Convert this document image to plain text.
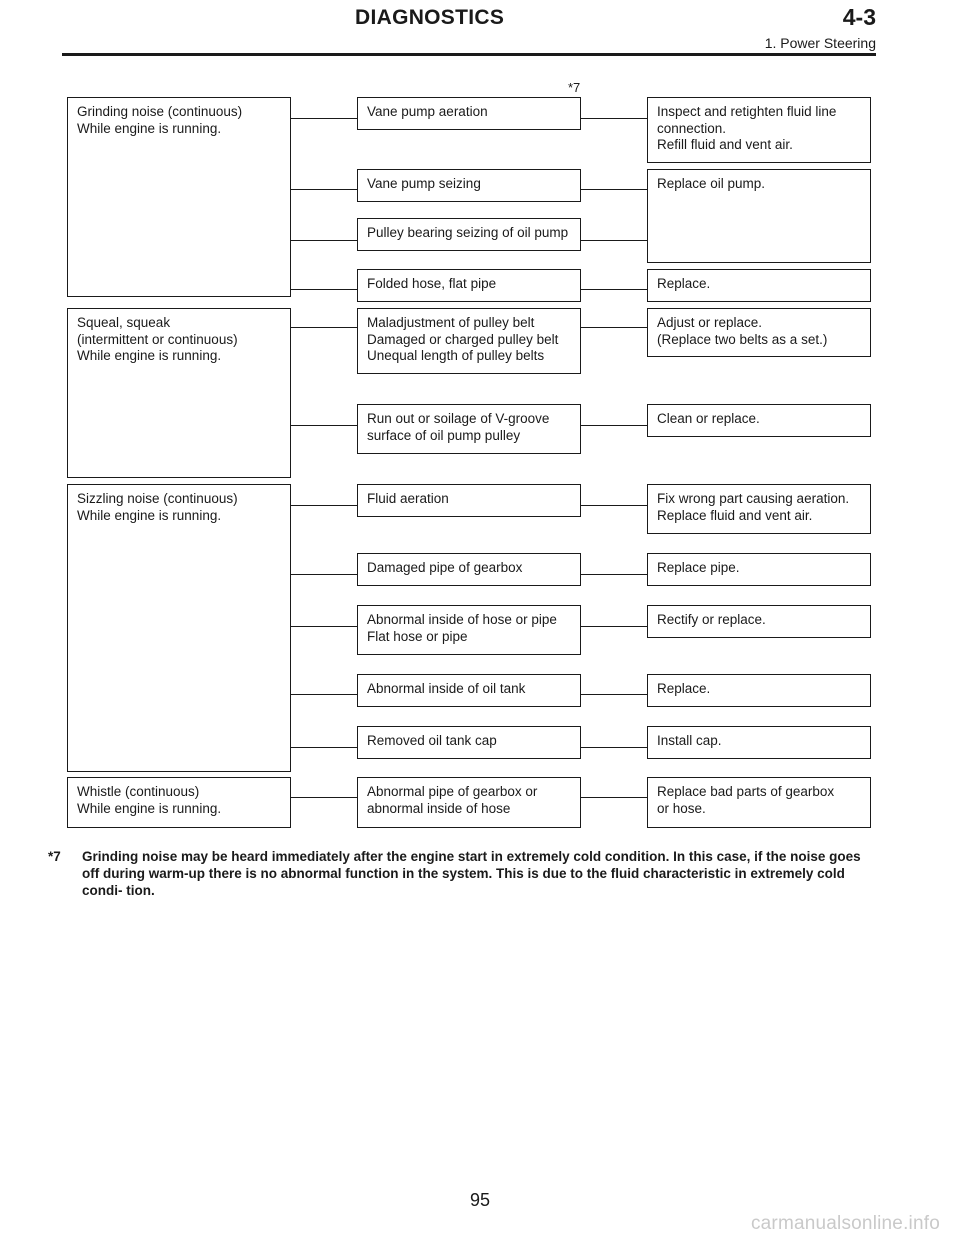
DIAGNOSTICS	4-3
1. Power Steering
*7
Grinding noise (continuous)
While engine is running.
Squeal, squeak
(intermittent or continuous)
While engine is running.
Sizzling noise (continuous)
While engine is running.
Whistle (continuous)
While engine is running.
Vane pump aeration
Vane pump seizing
Pulley bearing seizing of oil pump
Folded hose, flat pipe
Maladjustment of pulley belt
Damaged or charged pulley belt
Unequal length of pulley belts
Run out or soilage of V-groove
surface of oil pump pulley
Fluid aeration
Damaged pipe of gearbox
Abnormal inside of hose or pipe
Flat hose or pipe
Abnormal inside of oil tank
Removed oil tank cap
Abnormal pipe of gearbox or
abnormal inside of hose
Inspect and retighten fluid line
connection.
Refill fluid and vent air.
Replace oil pump.
Replace.
Adjust or replace.
(Replace two belts as a set.)
Clean or replace.
Fix wrong part causing aeration.
Replace fluid and vent air.
Replace pipe.
Rectify or replace.
Replace.
Install cap.
Replace bad parts of gearbox
or hose.
*7 Grinding noise may be heard immediately after the engine start in extremely cold condition. In this case, if the noise goes off during warm-up there is no abnormal function in the system. This is due to the fluid characteristic in extremely cold condi- tion.
95
carmanualsonline.info
